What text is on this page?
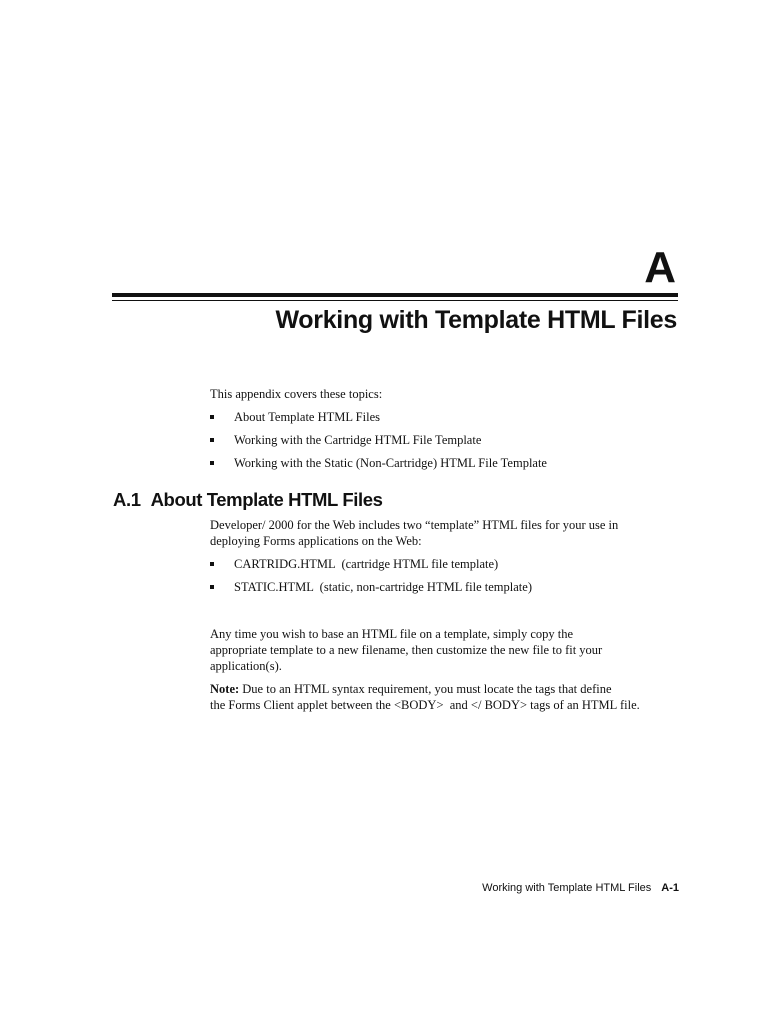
A
Working with Template HTML Files

This appendix covers these topics:

About Template HTML Files
Working with the Cartridge HTML File Template
Working with the Static (Non-Cartridge) HTML File Template
A.1 About Template HTML Files

Developer/ 2000 for the Web includes two “template” HTML files for your use in
deploying Forms applications on the Web:

CARTRIDG.HTML  (cartridge HTML file template)
STATIC.HTML  (static, non-cartridge HTML file template)

Any time you wish to base an HTML file on a template, simply copy the
appropriate template to a new filename, then customize the new file to fit your
application(s).

Note: Due to an HTML syntax requirement, you must locate the tags that define
the Forms Client applet between the <BODY>  and </ BODY> tags of an HTML file.

Working with Template HTML Files A-1
